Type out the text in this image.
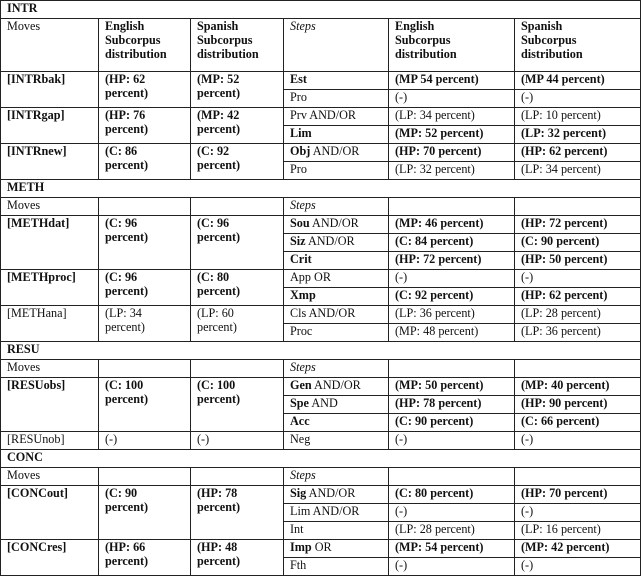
INTR					
Moves	English
Subcorpus
distribution	Spanish
Subcorpus
distribution	Steps	English
Subcorpus
distribution	Spanish
Subcorpus
distribution
[INTRbak]	(HP: 62
percent)	(MP: 52
percent)	Est	(MP 54 percent)	(MP 44 percent)
			Pro	(-)	(-)
[INTRgap]	(HP: 76
percent)	(MP: 42
percent)	Prv AND/OR	(LP: 34 percent)	(LP: 10 percent)
			Lim	(MP: 52 percent)	(LP: 32 percent)
[INTRnew]	(C: 86
percent)	(C: 92
percent)	Obj AND/OR	(HP: 70 percent)	(HP: 62 percent)
			Pro	(LP: 32 percent)	(LP: 34 percent)
METH					
Moves			Steps		
[METHdat]	(C: 96
percent)	(C: 96
percent)	Sou AND/OR	(MP: 46 percent)	(HP: 72 percent)
			Siz AND/OR	(C: 84 percent)	(C: 90 percent)
			Crit	(HP: 72 percent)	(HP: 50 percent)
[METHproc]	(C: 96
percent)	(C: 80
percent)	App OR	(-)	(-)
			Xmp	(C: 92 percent)	(HP: 62 percent)
[METHana]	(LP: 34
percent)	(LP: 60
percent)	Cls AND/OR	(LP: 36 percent)	(LP: 28 percent)
			Proc	(MP: 48 percent)	(LP: 36 percent)
RESU					
Moves			Steps		
[RESUobs]	(C: 100
percent)	(C: 100
percent)	Gen AND/OR	(MP: 50 percent)	(MP: 40 percent)
			Spe AND	(HP: 78 percent)	(HP: 90 percent)
			Acc	(C: 90 percent)	(C: 66 percent)
[RESUnob]	(-)	(-)	Neg	(-)	(-)
CONC					
Moves			Steps		
[CONCout]	(C: 90
percent)	(HP: 78
percent)	Sig AND/OR	(C: 80 percent)	(HP: 70 percent)
			Lim AND/OR	(-)	(-)
			Int	(LP: 28 percent)	(LP: 16 percent)
[CONCres]	(HP: 66
percent)	(HP: 48
percent)	Imp OR	(MP: 54 percent)	(MP: 42 percent)
			Fth	(-)	(-)
